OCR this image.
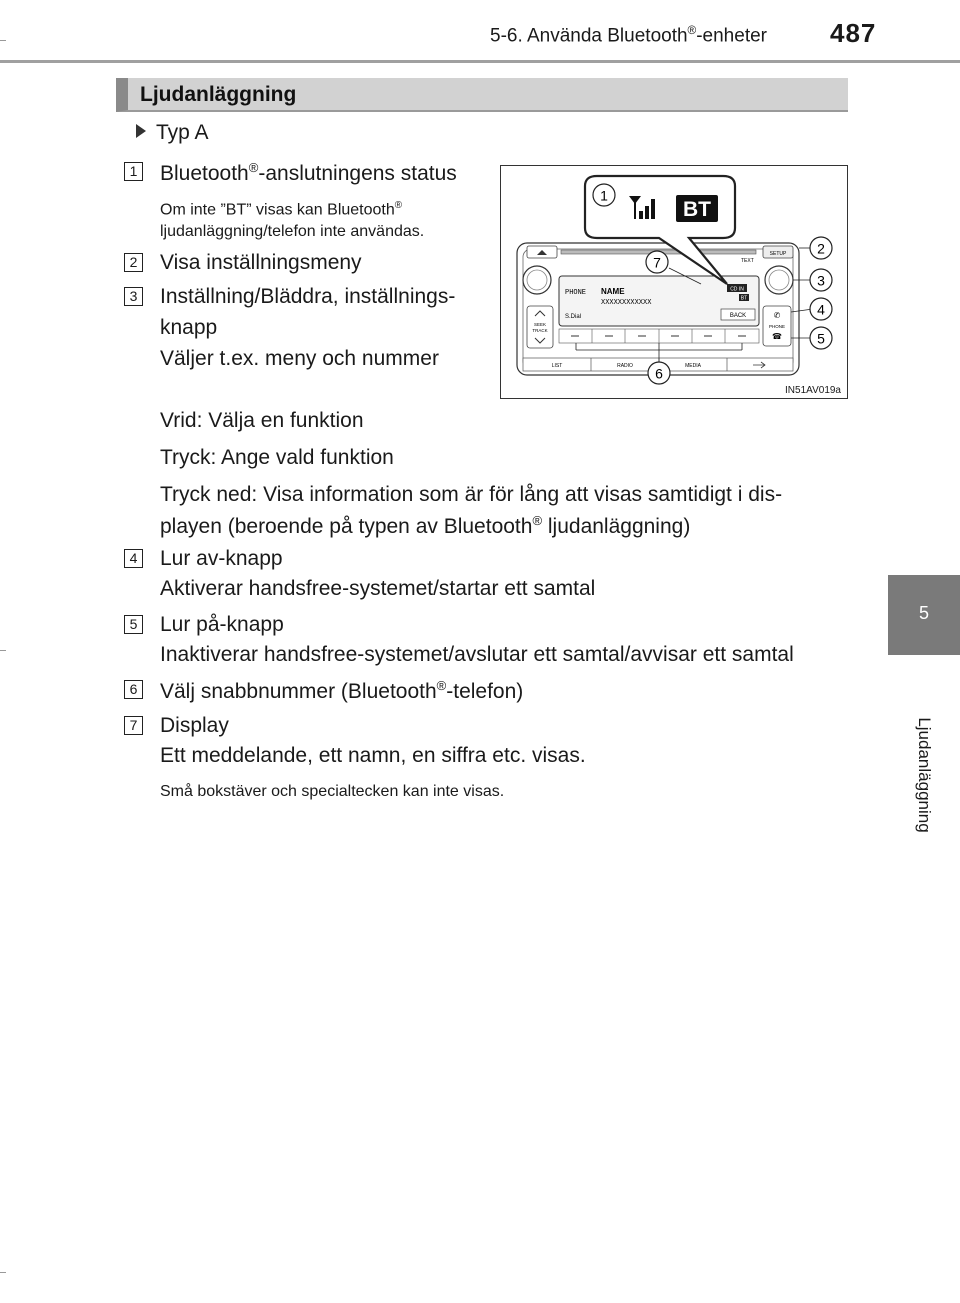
5-6. Använda Bluetooth®-enheter 487
5
Ljudanläggning
Ljudanläggning
Typ A
1 Bluetooth®-anslutningens status
Om inte ”BT” visas kan Bluetooth®
ljudanläggning/telefon inte användas.
2 Visa inställningsmeny
3 Inställning/Bläddra, inställnings-
knapp
Väljer t.ex. meny och nummer
Vrid: Välja en funktion
Tryck: Ange vald funktion
Tryck ned: Visa information som är för lång att visas samtidigt i dis-
playen (beroende på typen av Bluetooth® ljudanläggning)
4 Lur av-knapp
Aktiverar handsfree-systemet/startar ett samtal
5 Lur på-knapp
Inaktiverar handsfree-systemet/avslutar ett samtal/avvisar ett samtal
6 Välj snabbnummer (Bluetooth®-telefon)
7 Display
Ett meddelande, ett namn, en siffra etc. visas.
Små bokstäver och specialtecken kan inte visas.
SETUP
TEXT
PHONE NAME
XXXXXXXXXXXX
S.Dial
CD IN
BT
BACK
SEEK
TRACK
✆
PHONE
☎
LIST	RADIO	MEDIA
BT
1
2
3
4
5
6
7
IN51AV019a
